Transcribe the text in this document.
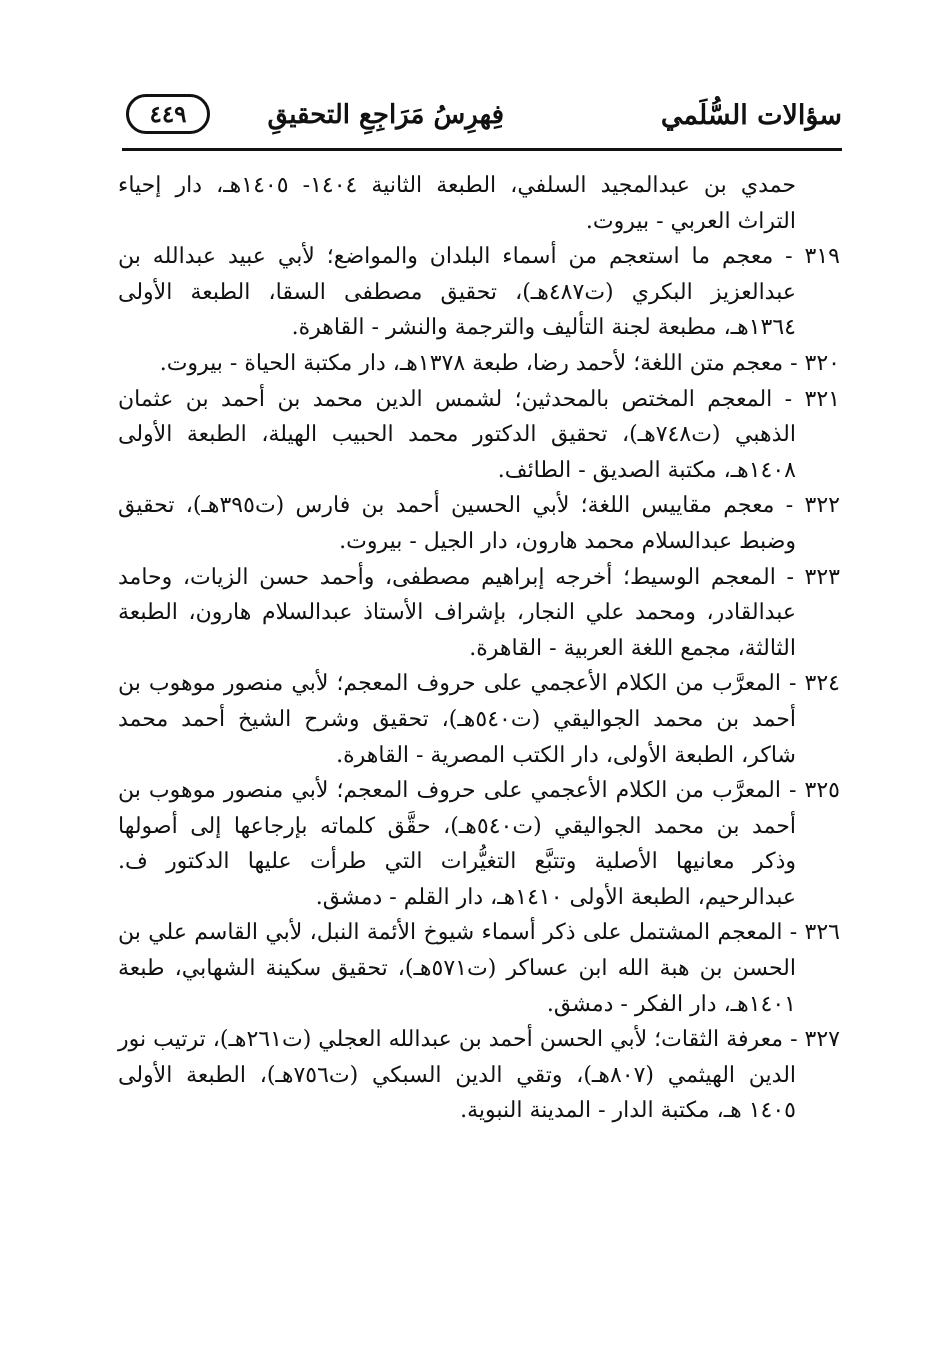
سؤالات السُّلَمي
فِهرِسُ مَرَاجِعِ التحقيقِ
٤٤٩

حمدي بن عبدالمجيد السلفي، الطبعة الثانية ١٤٠٤- ١٤٠٥هـ، دار إحياء التراث العربي - بيروت.

٣١٩ - معجم ما استعجم من أسماء البلدان والمواضع؛ لأبي عبيد عبدالله بن عبدالعزيز البكري (ت٤٨٧هـ)، تحقيق مصطفى السقا، الطبعة الأولى ١٣٦٤هـ، مطبعة لجنة التأليف والترجمة والنشر - القاهرة.

٣٢٠ - معجم متن اللغة؛ لأحمد رضا، طبعة ١٣٧٨هـ، دار مكتبة الحياة - بيروت.

٣٢١ - المعجم المختص بالمحدثين؛ لشمس الدين محمد بن أحمد بن عثمان الذهبي (ت٧٤٨هـ)، تحقيق الدكتور محمد الحبيب الهيلة، الطبعة الأولى ١٤٠٨هـ، مكتبة الصديق - الطائف.

٣٢٢ - معجم مقاييس اللغة؛ لأبي الحسين أحمد بن فارس (ت٣٩٥هـ)، تحقيق وضبط عبدالسلام محمد هارون، دار الجيل - بيروت.

٣٢٣ - المعجم الوسيط؛ أخرجه إبراهيم مصطفى، وأحمد حسن الزيات، وحامد عبدالقادر، ومحمد علي النجار، بإشراف الأستاذ عبدالسلام هارون، الطبعة الثالثة، مجمع اللغة العربية - القاهرة.

٣٢٤ - المعرَّب من الكلام الأعجمي على حروف المعجم؛ لأبي منصور موهوب بن أحمد بن محمد الجواليقي (ت٥٤٠هـ)، تحقيق وشرح الشيخ أحمد محمد شاكر، الطبعة الأولى، دار الكتب المصرية - القاهرة.

٣٢٥ - المعرَّب من الكلام الأعجمي على حروف المعجم؛ لأبي منصور موهوب بن أحمد بن محمد الجواليقي (ت٥٤٠هـ)، حقَّق كلماته بإرجاعها إلى أصولها وذكر معانيها الأصلية وتتبَّع التغيُّرات التي طرأت عليها الدكتور ف. عبدالرحيم، الطبعة الأولى ١٤١٠هـ، دار القلم - دمشق.

٣٢٦ - المعجم المشتمل على ذكر أسماء شيوخ الأئمة النبل، لأبي القاسم علي بن الحسن بن هبة الله ابن عساكر (ت٥٧١هـ)، تحقيق سكينة الشهابي، طبعة ١٤٠١هـ، دار الفكر - دمشق.

٣٢٧ - معرفة الثقات؛ لأبي الحسن أحمد بن عبدالله العجلي (ت٢٦١هـ)، ترتيب نور الدين الهيثمي (٨٠٧هـ)، وتقي الدين السبكي (ت٧٥٦هـ)، الطبعة الأولى ١٤٠٥ هـ، مكتبة الدار - المدينة النبوية.
